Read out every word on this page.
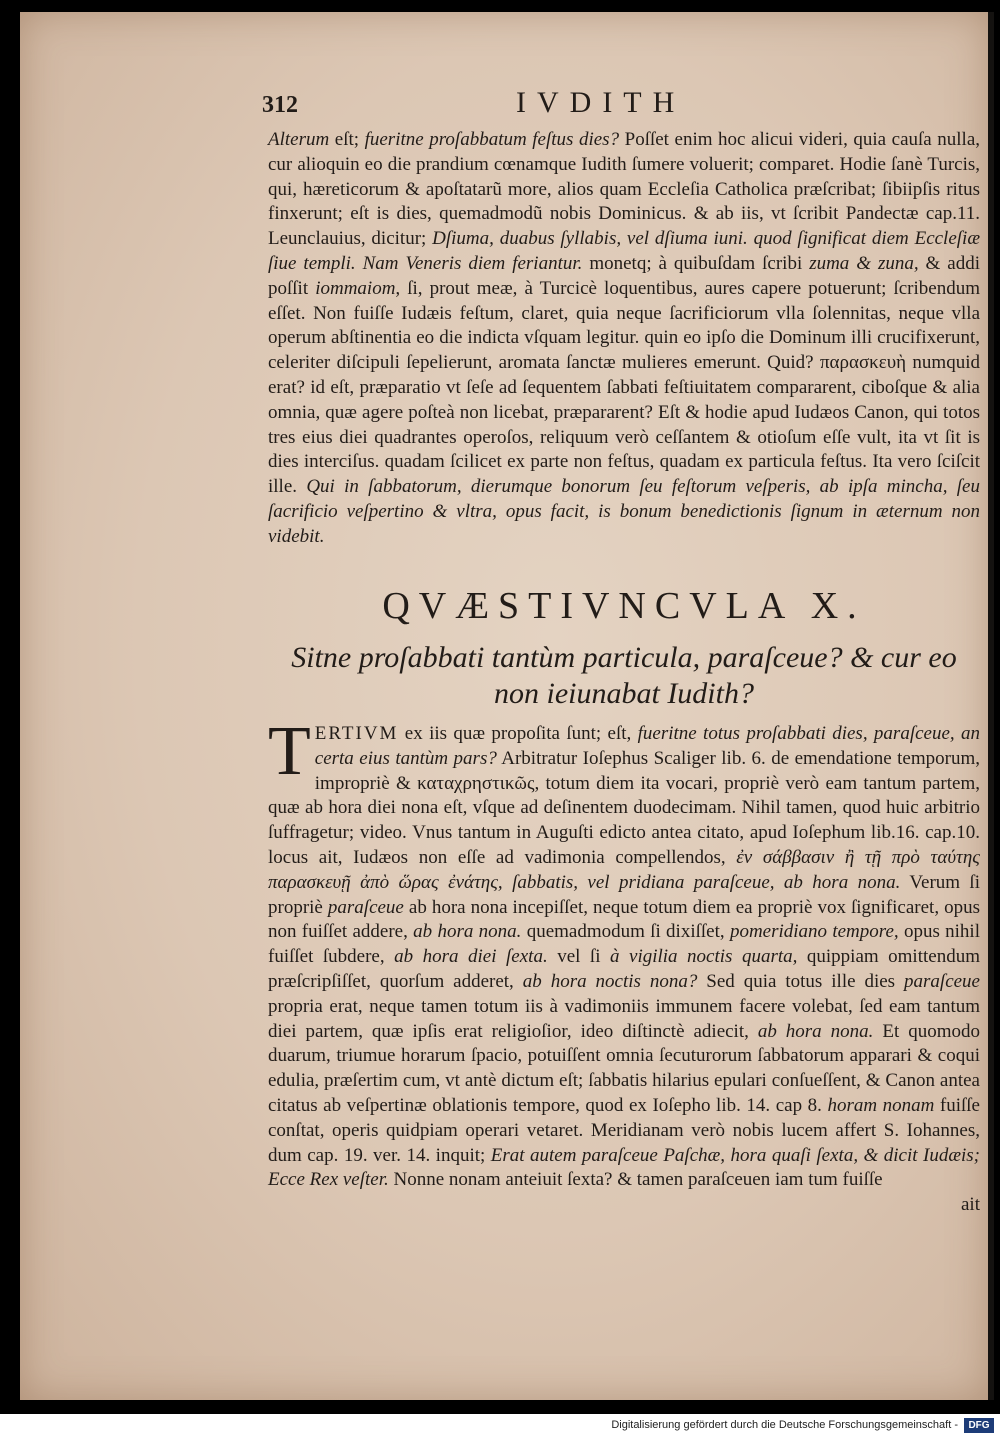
312	IVDITH
Alterum eſt; fueritne proſabbatum feſtus dies? Poſſet enim hoc alicui videri, quia cauſa nulla, cur alioquin eo die prandium cœnamque Iudith ſumere voluerit; comparet. Hodie ſanè Turcis, qui, hæreticorum & apoſtatarũ more, alios quam Eccleſia Catholica præſcribat; ſibiipſis ritus finxerunt; eſt is dies, quemadmodũ nobis Dominicus. & ab iis, vt ſcribit Pandectæ cap.11. Leunclauius, dicitur; Dſiuma, duabus ſyllabis, vel dſiuma iuni. quod ſignificat diem Eccleſiæ ſiue templi. Nam Veneris diem feriantur. monetq; à quibuſdam ſcribi zuma & zuna, & addi poſſit iommaiom, ſi, prout meæ, à Turcicè loquentibus, aures capere potuerunt; ſcribendum eſſet. Non fuiſſe Iudæis feſtum, claret, quia neque ſacrificiorum vlla ſolennitas, neque vlla operum abſtinentia eo die indicta vſquam legitur. quin eo ipſo die Dominum illi crucifixerunt, celeriter diſcipuli ſepelierunt, aromata ſanctæ mulieres emerunt. Quid? παρασκευὴ numquid erat? id eſt, præparatio vt ſeſe ad ſequentem ſabbati feſtiuitatem compararent, ciboſque & alia omnia, quæ agere poſteà non licebat, præpararent? Eſt & hodie apud Iudæos Canon, qui totos tres eius diei quadrantes operoſos, reliquum verò ceſſantem & otioſum eſſe vult, ita vt ſit is dies interciſus. quadam ſcilicet ex parte non feſtus, quadam ex particula feſtus. Ita vero ſciſcit ille. Qui in ſabbatorum, dierumque bonorum ſeu feſtorum veſperis, ab ipſa mincha, ſeu ſacrificio veſpertino & vltra, opus facit, is bonum benedictionis ſignum in æternum non videbit.
QVÆSTIVNCVLA X.
Sitne proſabbati tantùm particula, paraſceue? & cur eo non ieiunabat Iudith?
TERTIVM ex iis quæ propoſita ſunt; eſt, fueritne totus proſabbati dies, paraſceue, an certa eius tantùm pars? Arbitratur Ioſephus Scaliger lib. 6. de emendatione temporum, impropriè & καταχρηστικῶς, totum diem ita vocari, propriè verò eam tantum partem, quæ ab hora diei nona eſt, vſque ad deſinentem duodecimam. Nihil tamen, quod huic arbitrio ſuffragetur; video. Vnus tantum in Auguſti edicto antea citato, apud Ioſephum lib.16. cap.10. locus ait, Iudæos non eſſe ad vadimonia compellendos, ἐν σάββασιν ἢ τῇ πρὸ ταύτης παρασκευῇ ἀπὸ ὥρας ἐνάτης, ſabbatis, vel pridiana paraſceue, ab hora nona. Verum ſi propriè paraſceue ab hora nona incepiſſet, neque totum diem ea propriè vox ſignificaret, opus non fuiſſet addere, ab hora nona. quemadmodum ſi dixiſſet, pomeridiano tempore, opus nihil fuiſſet ſubdere, ab hora diei ſexta. vel ſi à vigilia noctis quarta, quippiam omittendum præſcripſiſſet, quorſum adderet, ab hora noctis nona? Sed quia totus ille dies paraſceue propria erat, neque tamen totum iis à vadimoniis immunem facere volebat, ſed eam tantum diei partem, quæ ipſis erat religioſior, ideo diſtinctè adiecit, ab hora nona. Et quomodo duarum, triumue horarum ſpacio, potuiſſent omnia ſecuturorum ſabbatorum apparari & coqui edulia, præſertim cum, vt antè dictum eſt; ſabbatis hilarius epulari conſueſſent, & Canon antea citatus ab veſpertinæ oblationis tempore, quod ex Ioſepho lib. 14. cap 8. horam nonam fuiſſe conſtat, operis quidpiam operari vetaret. Meridianam verò nobis lucem affert S. Iohannes, dum cap. 19. ver. 14. inquit; Erat autem paraſceue Paſchæ, hora quaſi ſexta, & dicit Iudæis; Ecce Rex veſter. Nonne nonam anteiuit ſexta? & tamen paraſceuen iam tum fuiſſe
ait
Digitalisierung gefördert durch die Deutsche Forschungsgemeinschaft -	DFG
